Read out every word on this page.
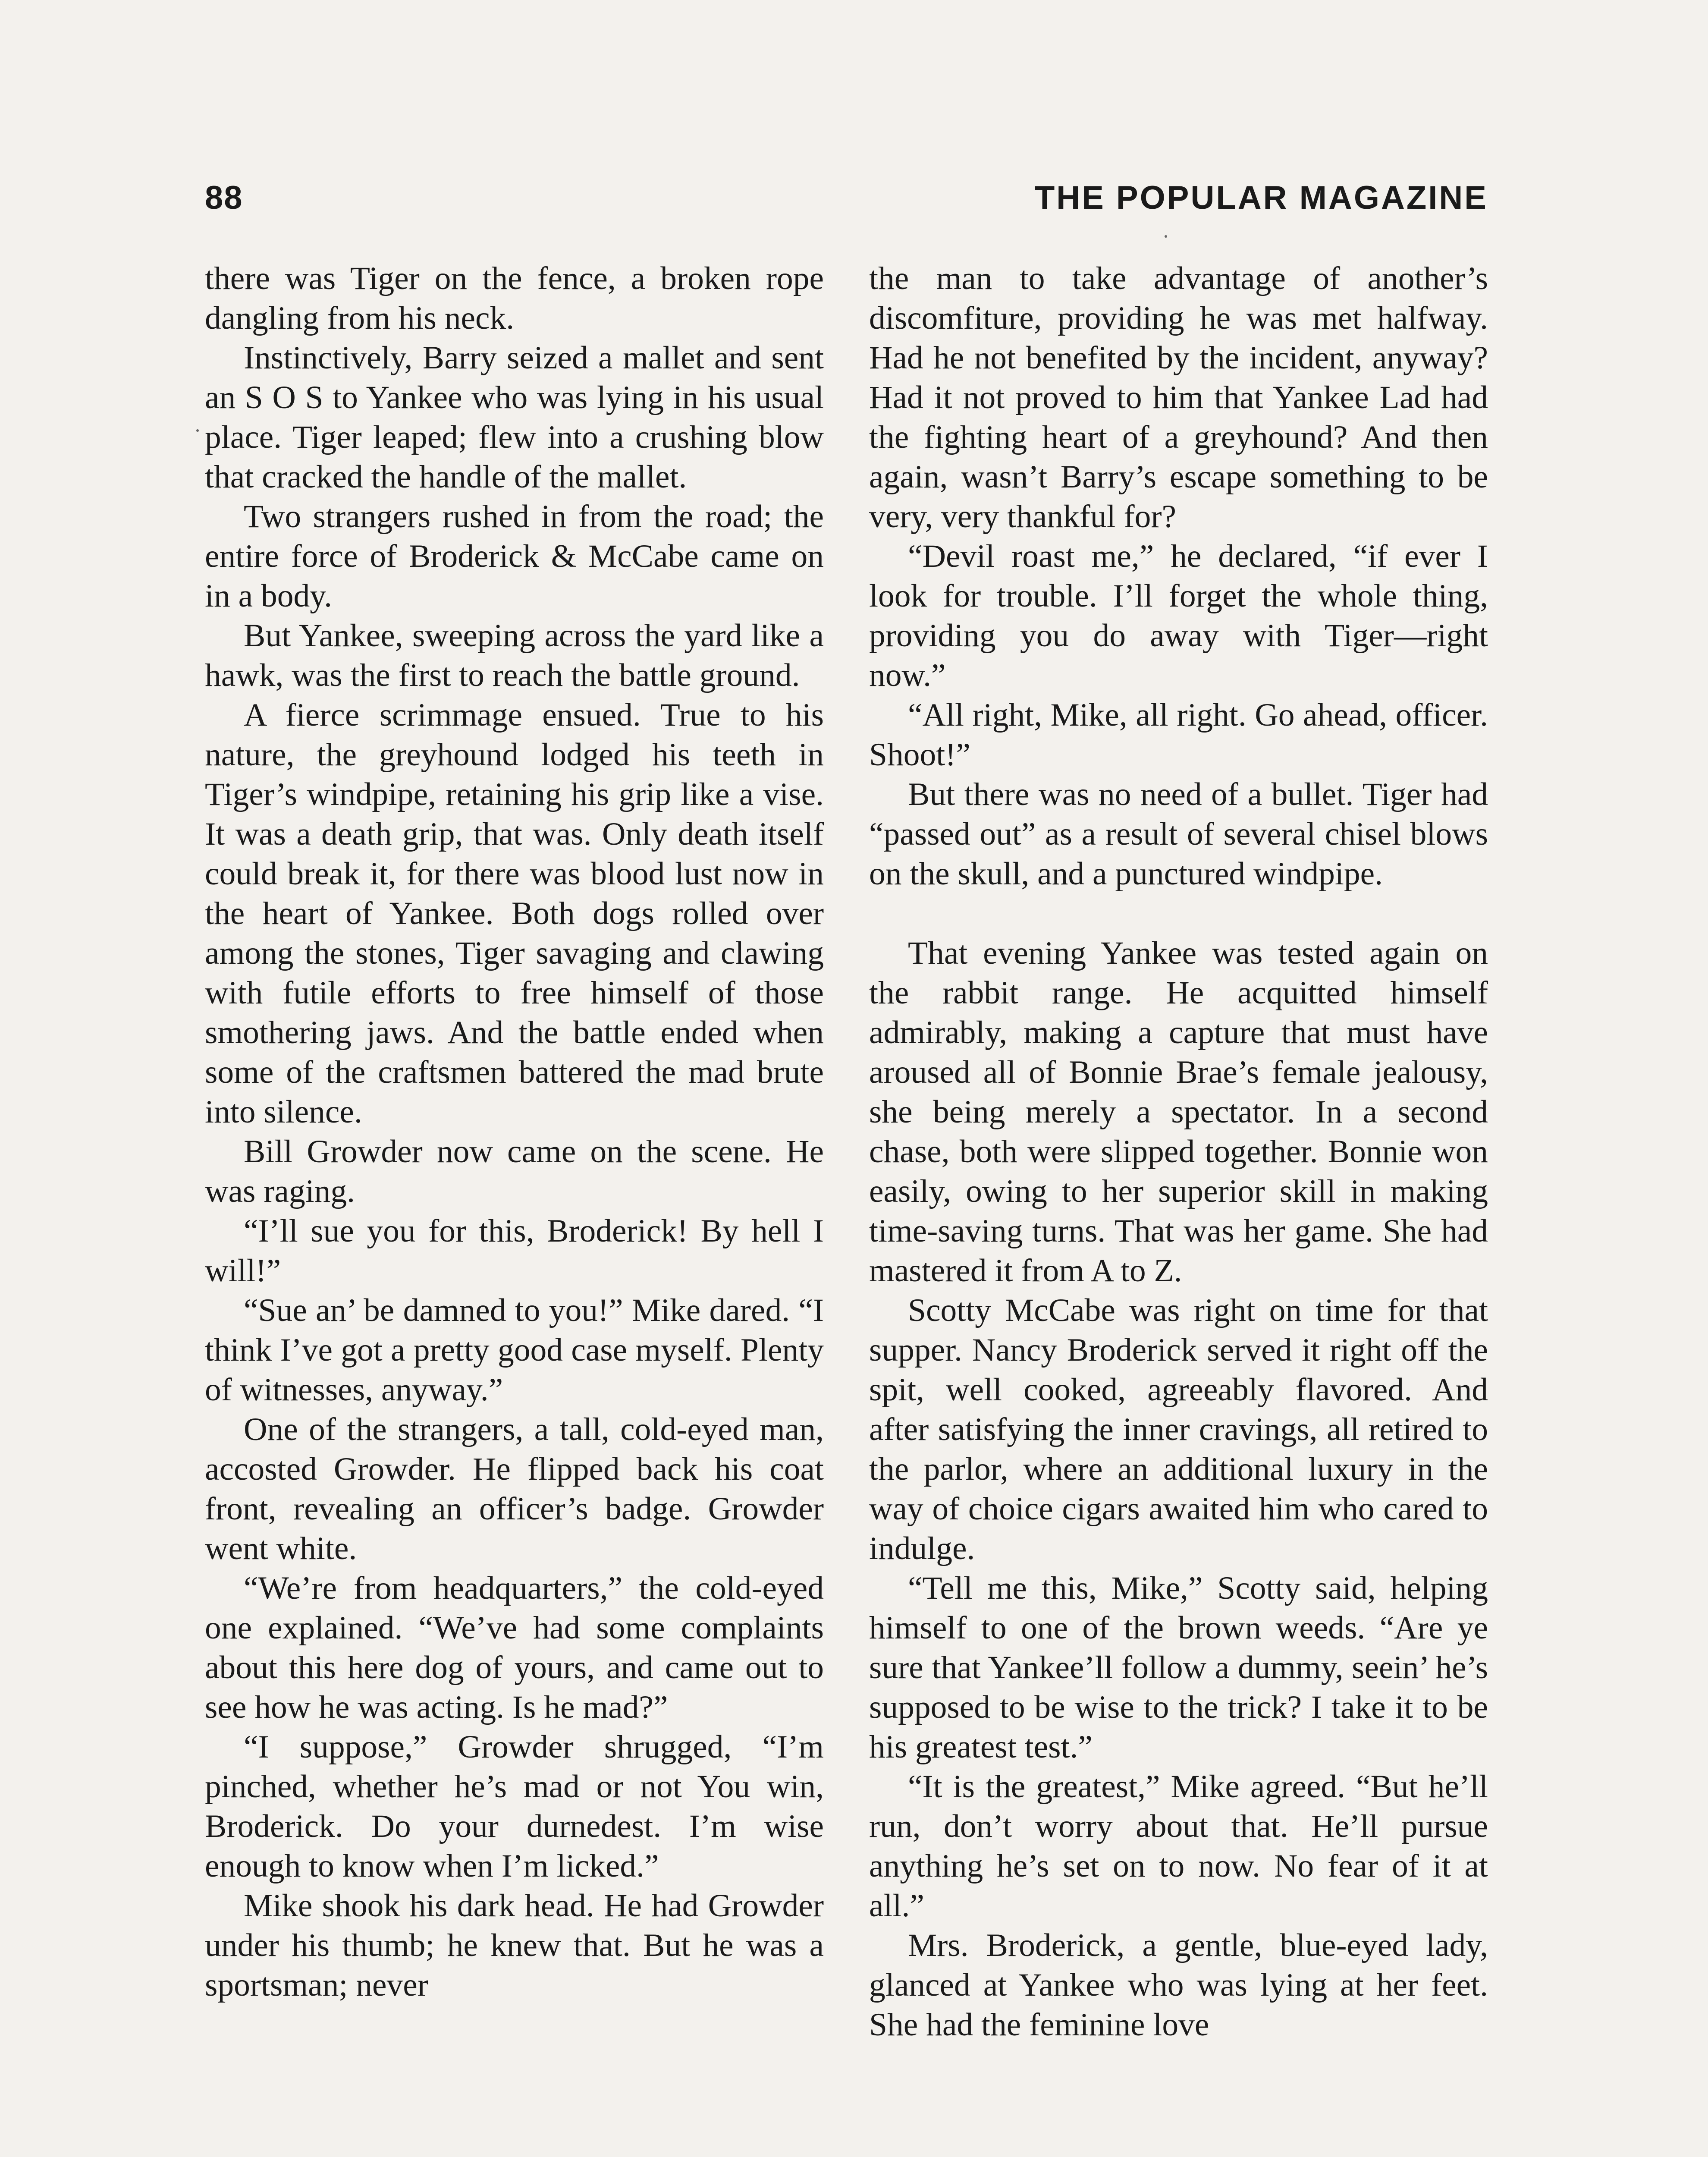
88	THE POPULAR MAGAZINE

there was Tiger on the fence, a broken rope dangling from his neck.

Instinctively, Barry seized a mallet and sent an S O S to Yankee who was lying in his usual place. Tiger leaped; flew into a crushing blow that cracked the handle of the mallet.

Two strangers rushed in from the road; the entire force of Broderick & McCabe came on in a body.

But Yankee, sweeping across the yard like a hawk, was the first to reach the battle ground.

A fierce scrimmage ensued. True to his nature, the greyhound lodged his teeth in Tiger’s windpipe, retaining his grip like a vise. It was a death grip, that was. Only death itself could break it, for there was blood lust now in the heart of Yankee. Both dogs rolled over among the stones, Tiger savaging and clawing with futile efforts to free himself of those smothering jaws. And the battle ended when some of the craftsmen battered the mad brute into silence.

Bill Growder now came on the scene. He was raging.

“I’ll sue you for this, Broderick! By hell I will!”

“Sue an’ be damned to you!” Mike dared. “I think I’ve got a pretty good case myself. Plenty of witnesses, anyway.”

One of the strangers, a tall, cold-eyed man, accosted Growder. He flipped back his coat front, revealing an officer’s badge. Growder went white.

“We’re from headquarters,” the cold-eyed one explained. “We’ve had some complaints about this here dog of yours, and came out to see how he was acting. Is he mad?”

“I suppose,” Growder shrugged, “I’m pinched, whether he’s mad or not You win, Broderick. Do your durnedest. I’m wise enough to know when I’m licked.”

Mike shook his dark head. He had Growder under his thumb; he knew that. But he was a sportsman; never

the man to take advantage of another’s discomfiture, providing he was met halfway. Had he not benefited by the incident, anyway? Had it not proved to him that Yankee Lad had the fighting heart of a greyhound? And then again, wasn’t Barry’s escape something to be very, very thankful for?

“Devil roast me,” he declared, “if ever I look for trouble. I’ll forget the whole thing, providing you do away with Tiger—right now.”

“All right, Mike, all right. Go ahead, officer. Shoot!”

But there was no need of a bullet. Tiger had “passed out” as a result of several chisel blows on the skull, and a punctured windpipe.

That evening Yankee was tested again on the rabbit range. He acquitted himself admirably, making a capture that must have aroused all of Bonnie Brae’s female jealousy, she being merely a spectator. In a second chase, both were slipped together. Bonnie won easily, owing to her superior skill in making time-saving turns. That was her game. She had mastered it from A to Z.

Scotty McCabe was right on time for that supper. Nancy Broderick served it right off the spit, well cooked, agreeably flavored. And after satisfying the inner cravings, all retired to the parlor, where an additional luxury in the way of choice cigars awaited him who cared to indulge.

“Tell me this, Mike,” Scotty said, helping himself to one of the brown weeds. “Are ye sure that Yankee’ll follow a dummy, seein’ he’s supposed to be wise to the trick? I take it to be his greatest test.”

“It is the greatest,” Mike agreed. “But he’ll run, don’t worry about that. He’ll pursue anything he’s set on to now. No fear of it at all.”

Mrs. Broderick, a gentle, blue-eyed lady, glanced at Yankee who was lying at her feet. She had the feminine love
